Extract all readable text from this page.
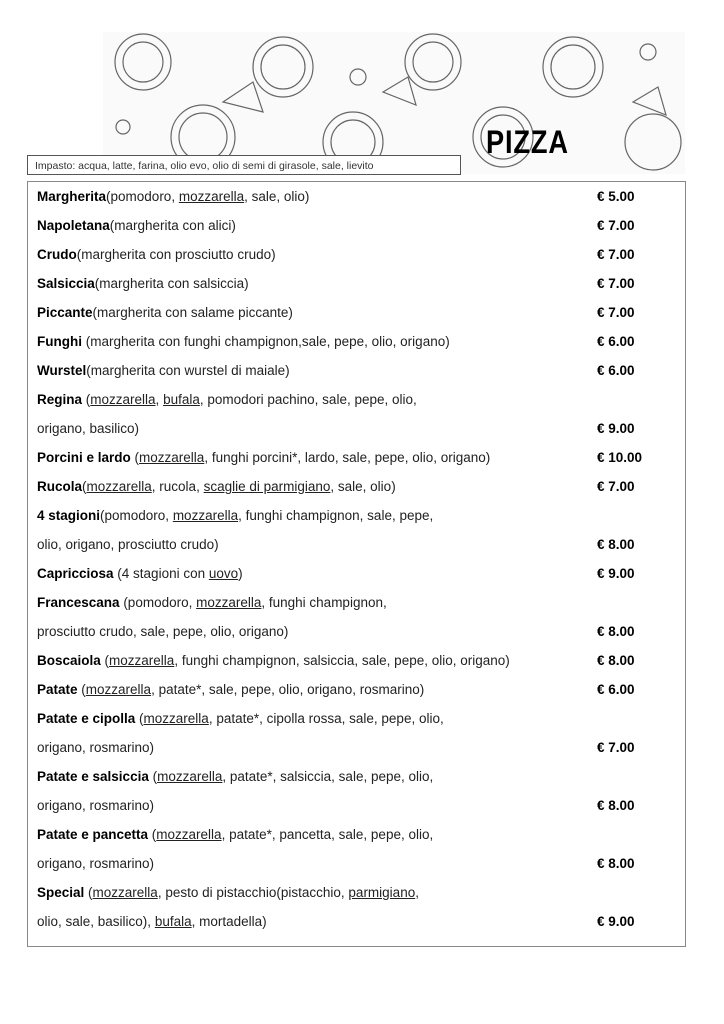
PIZZA
Impasto: acqua, latte, farina, olio evo, olio di semi di girasole, sale, lievito
Margherita(pomodoro, mozzarella, sale, olio)	€ 5.00
Napoletana(margherita con alici)	€ 7.00
Crudo(margherita con prosciutto crudo)	€ 7.00
Salsiccia(margherita con salsiccia)	€ 7.00
Piccante(margherita con salame piccante)	€ 7.00
Funghi (margherita con funghi champignon,sale, pepe, olio, origano)	€ 6.00
Wurstel(margherita con wurstel di maiale)	€ 6.00
Regina (mozzarella, bufala, pomodori pachino, sale, pepe, olio,
origano, basilico)	€ 9.00
Porcini e lardo (mozzarella, funghi porcini*, lardo, sale, pepe, olio, origano)	€ 10.00
Rucola(mozzarella, rucola, scaglie di parmigiano, sale, olio)	€ 7.00
4 stagioni(pomodoro, mozzarella, funghi champignon, sale, pepe,
olio, origano, prosciutto crudo)	€ 8.00
Capricciosa (4 stagioni con uovo)	€ 9.00
Francescana (pomodoro, mozzarella, funghi champignon,
prosciutto crudo, sale, pepe, olio, origano)	€ 8.00
Boscaiola (mozzarella, funghi champignon, salsiccia, sale, pepe, olio, origano)	€ 8.00
Patate (mozzarella, patate*, sale, pepe, olio, origano, rosmarino)	€ 6.00
Patate e cipolla (mozzarella, patate*, cipolla rossa, sale, pepe, olio,
origano, rosmarino)	€ 7.00
Patate e salsiccia (mozzarella, patate*, salsiccia, sale, pepe, olio,
origano, rosmarino)	€ 8.00
Patate e pancetta (mozzarella, patate*, pancetta, sale, pepe, olio,
origano, rosmarino)	€ 8.00
Special (mozzarella, pesto di pistacchio(pistacchio, parmigiano,
olio, sale, basilico), bufala, mortadella)	€ 9.00
